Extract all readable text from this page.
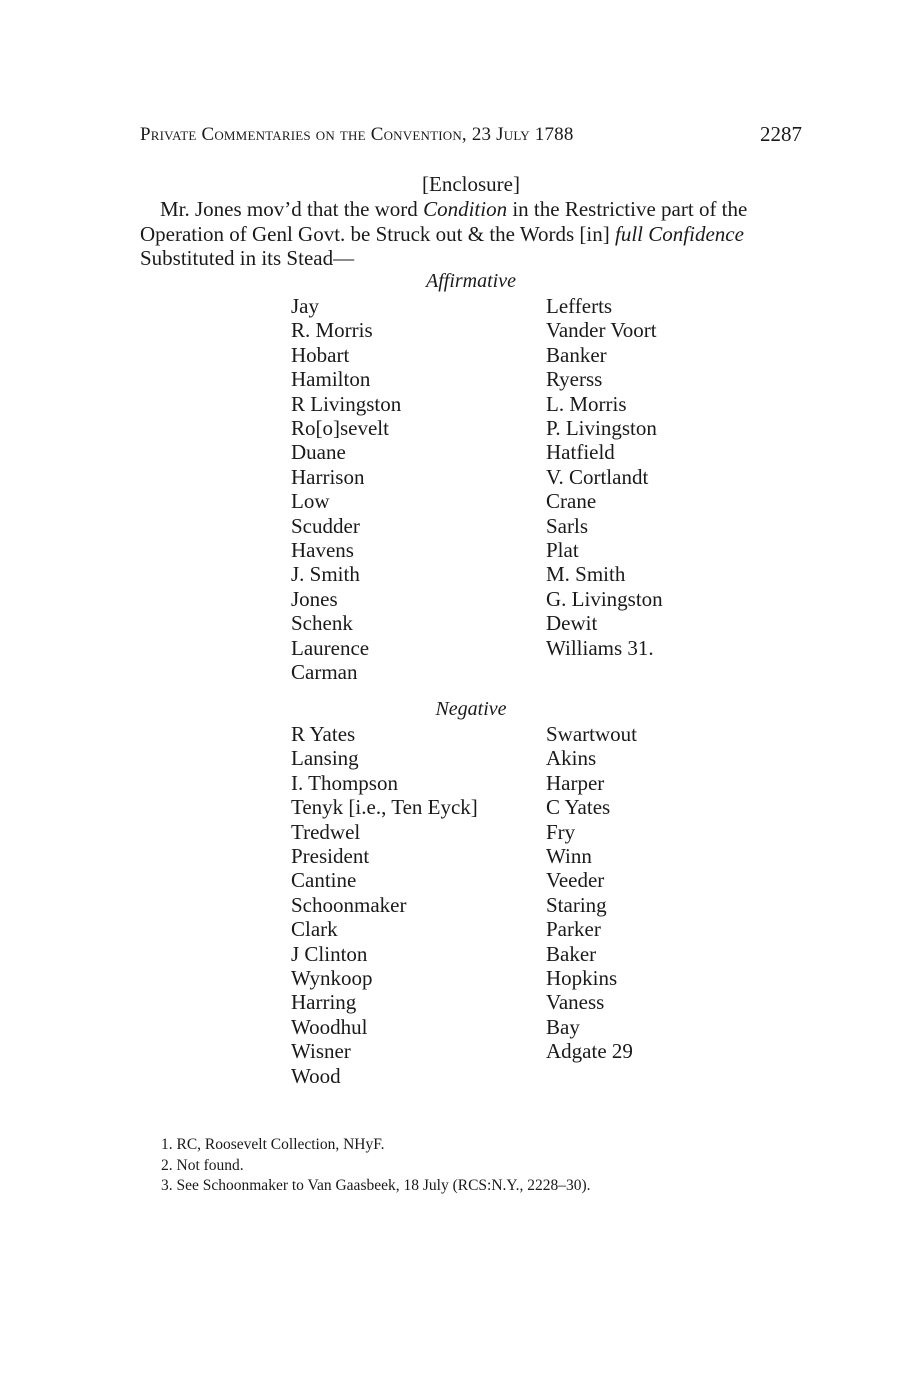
Private Commentaries on the Convention, 23 July 1788	2287
[Enclosure]

Mr. Jones mov’d that the word Condition in the Restrictive part of the Operation of Genl Govt. be Struck out & the Words [in] full Confidence Substituted in its Stead—

Affirmative
Jay
R. Morris
Hobart
Hamilton
R Livingston
Ro[o]sevelt
Duane
Harrison
Low
Scudder
Havens
J. Smith
Jones
Schenk
Laurence
Carman
Lefferts
Vander Voort
Banker
Ryerss
L. Morris
P. Livingston
Hatfield
V. Cortlandt
Crane
Sarls
Plat
M. Smith
G. Livingston
Dewit
Williams 31.
Negative
R Yates
Lansing
I. Thompson
Tenyk [i.e., Ten Eyck]
Tredwel
President
Cantine
Schoonmaker
Clark
J Clinton
Wynkoop
Harring
Woodhul
Wisner
Wood
Swartwout
Akins
Harper
C Yates
Fry
Winn
Veeder
Staring
Parker
Baker
Hopkins
Vaness
Bay
Adgate 29
1. RC, Roosevelt Collection, NHyF.
2. Not found.
3. See Schoonmaker to Van Gaasbeek, 18 July (RCS:N.Y., 2228–30).
